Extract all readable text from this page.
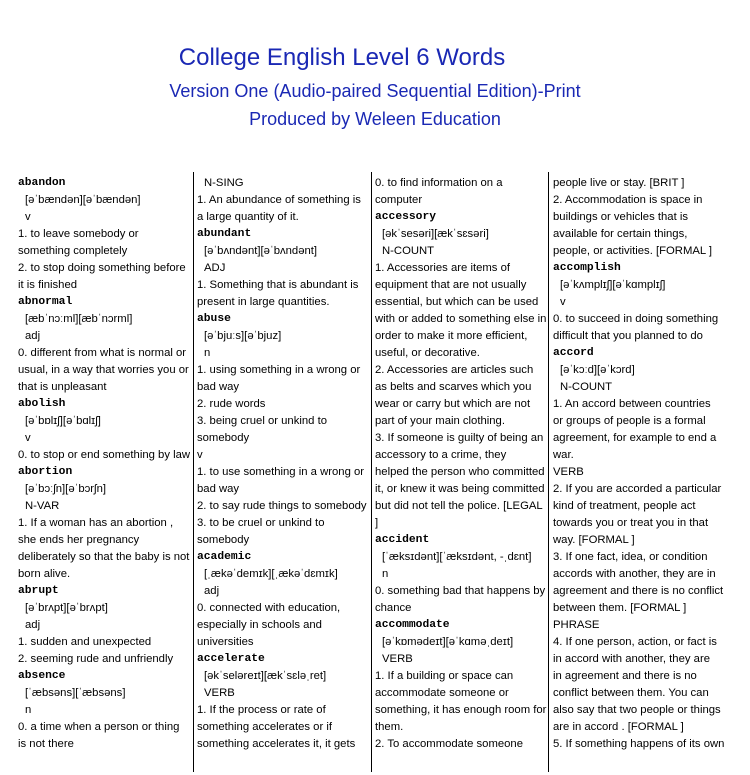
College English Level 6 Words
Version One (Audio-paired Sequential Edition)-Print
Produced by Weleen Education
abandon
[əˈbændən][əˈbændən]
v
1. to leave somebody or
something completely
2. to stop doing something before
it is finished
abnormal
[æbˈnɔːml][æbˈnɔrml]
adj
0. different from what is normal or
usual, in a way that worries you or
that is unpleasant
abolish
[əˈbɒlɪʃ][əˈbɑlɪʃ]
v
0. to stop or end something by law
abortion
[əˈbɔːʃn][əˈbɔrʃn]
N-VAR
1. If a woman has an abortion ,
she ends her pregnancy
deliberately so that the baby is not
born alive.
abrupt
[əˈbrʌpt][əˈbrʌpt]
adj
1. sudden and unexpected
2. seeming rude and unfriendly
absence
[ˈæbsəns][ˈæbsəns]
n
0. a time when a person or thing
is not there
N-SING
1. An abundance of something is
a large quantity of it.
abundant
[əˈbʌndənt][əˈbʌndənt]
ADJ
1. Something that is abundant is
present in large quantities.
abuse
[əˈbjuːs][əˈbjuz]
n
1. using something in a wrong or
bad way
2. rude words
3. being cruel or unkind to
somebody
v
1. to use something in a wrong or
bad way
2. to say rude things to somebody
3. to be cruel or unkind to
somebody
academic
[ˌækəˈdemɪk][ˌækəˈdɛmɪk]
adj
0. connected with education,
especially in schools and
universities
accelerate
[əkˈseləreɪt][ækˈsɛləˌret]
VERB
1. If the process or rate of
something accelerates or if
something accelerates it, it gets
0. to find information on a
computer
accessory
[əkˈsesəri][ækˈsɛsəri]
N-COUNT
1. Accessories are items of
equipment that are not usually
essential, but which can be used
with or added to something else in
order to make it more efficient,
useful, or decorative.
2. Accessories are articles such
as belts and scarves which you
wear or carry but which are not
part of your main clothing.
3. If someone is guilty of being an
accessory to a crime, they
helped the person who committed
it, or knew it was being committed
but did not tell the police. [LEGAL
]
accident
[ˈæksɪdənt][ˈæksɪdənt, -ˌdɛnt]
n
0. something bad that happens by
chance
accommodate
[əˈkɒmədeɪt][əˈkɑməˌdeɪt]
VERB
1. If a building or space can
accommodate someone or
something, it has enough room for
them.
2. To accommodate someone
people live or stay. [BRIT ]
2. Accommodation is space in
buildings or vehicles that is
available for certain things,
people, or activities. [FORMAL ]
accomplish
[əˈkʌmplɪʃ][əˈkɑmplɪʃ]
v
0. to succeed in doing something
difficult that you planned to do
accord
[əˈkɔːd][əˈkɔrd]
N-COUNT
1. An accord between countries
or groups of people is a formal
agreement, for example to end a
war.
VERB
2. If you are accorded a particular
kind of treatment, people act
towards you or treat you in that
way. [FORMAL ]
3. If one fact, idea, or condition
accords with another, they are in
agreement and there is no conflict
between them. [FORMAL ]
PHRASE
4. If one person, action, or fact is
in accord with another, they are
in agreement and there is no
conflict between them. You can
also say that two people or things
are in accord . [FORMAL ]
5. If something happens of its own
